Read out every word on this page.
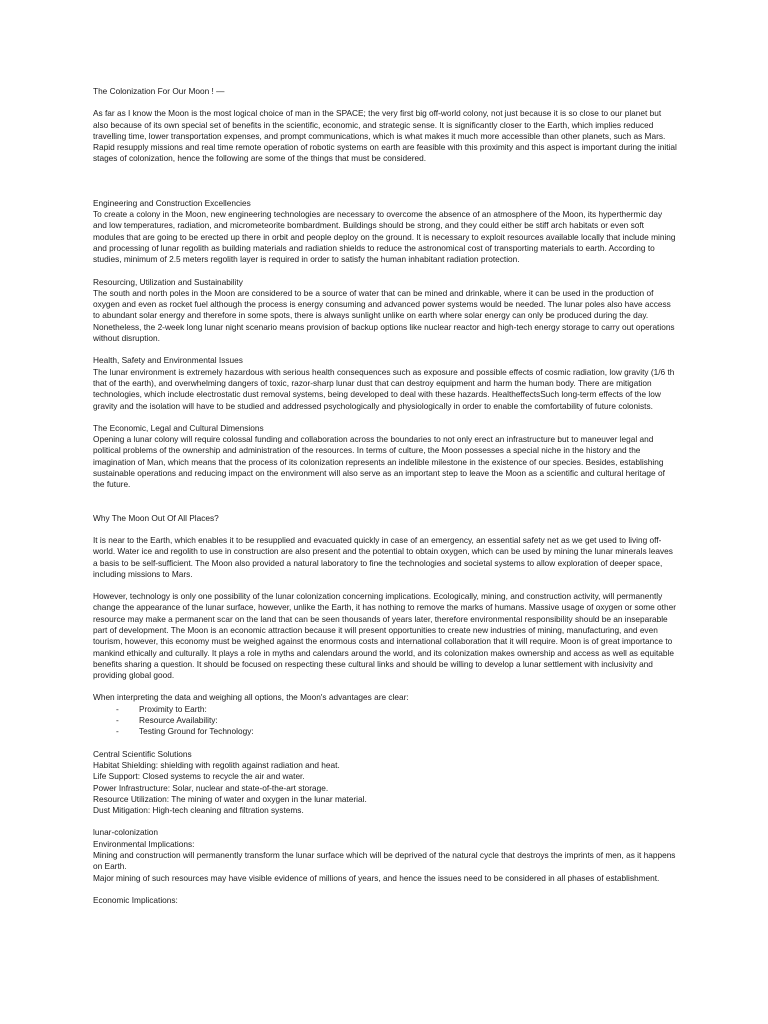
The Colonization For Our Moon ! —

As far as I know the Moon is the most logical choice of man in the SPACE; the very first big off-world colony, not just because it is so close to our planet but also because of its own special set of benefits in the scientific, economic, and strategic sense. It is significantly closer to the Earth, which implies reduced travelling time, lower transportation expenses, and prompt communications, which is what makes it much more accessible than other planets, such as Mars. Rapid resupply missions and real time remote operation of robotic systems on earth are feasible with this proximity and this aspect is important during the initial stages of colonization, hence the following are some of the things that must be considered.

Engineering and Construction Excellencies

To create a colony in the Moon, new engineering technologies are necessary to overcome the absence of an atmosphere of the Moon, its hyperthermic day and low temperatures, radiation, and micrometeorite bombardment. Buildings should be strong, and they could either be stiff arch habitats or even soft modules that are going to be erected up there in orbit and people deploy on the ground. It is necessary to exploit resources available locally that include mining and processing of lunar regolith as building materials and radiation shields to reduce the astronomical cost of transporting materials to earth. According to studies, minimum of 2.5 meters regolith layer is required in order to satisfy the human inhabitant radiation protection.

Resourcing, Utilization and Sustainability

The south and north poles in the Moon are considered to be a source of water that can be mined and drinkable, where it can be used in the production of oxygen and even as rocket fuel although the process is energy consuming and advanced power systems would be needed. The lunar poles also have access to abundant solar energy and therefore in some spots, there is always sunlight unlike on earth where solar energy can only be produced during the day. Nonetheless, the 2-week long lunar night scenario means provision of backup options like nuclear reactor and high-tech energy storage to carry out operations without disruption.

Health, Safety and Environmental Issues

The lunar environment is extremely hazardous with serious health consequences such as exposure and possible effects of cosmic radiation, low gravity (1/6 th that of the earth), and overwhelming dangers of toxic, razor-sharp lunar dust that can destroy equipment and harm the human body. There are mitigation technologies, which include electrostatic dust removal systems, being developed to deal with these hazards. HealtheffectsSuch long-term effects of the low gravity and the isolation will have to be studied and addressed psychologically and physiologically in order to enable the comfortability of future colonists.

The Economic, Legal and Cultural Dimensions

Opening a lunar colony will require colossal funding and collaboration across the boundaries to not only erect an infrastructure but to maneuver legal and political problems of the ownership and administration of the resources. In terms of culture, the Moon possesses a special niche in the history and the imagination of Man, which means that the process of its colonization represents an indelible milestone in the existence of our species. Besides, establishing sustainable operations and reducing impact on the environment will also serve as an important step to leave the Moon as a scientific and cultural heritage of the future.

Why The Moon Out Of All Places?

It is near to the Earth, which enables it to be resupplied and evacuated quickly in case of an emergency, an essential safety net as we get used to living off-world. Water ice and regolith to use in construction are also present and the potential to obtain oxygen, which can be used by mining the lunar minerals leaves a basis to be self-sufficient. The Moon also provided a natural laboratory to fine the technologies and societal systems to allow exploration of deeper space, including missions to Mars.

However, technology is only one possibility of the lunar colonization concerning implications. Ecologically, mining, and construction activity, will permanently change the appearance of the lunar surface, however, unlike the Earth, it has nothing to remove the marks of humans. Massive usage of oxygen or some other resource may make a permanent scar on the land that can be seen thousands of years later, therefore environmental responsibility should be an inseparable part of development. The Moon is an economic attraction because it will present opportunities to create new industries of mining, manufacturing, and even tourism, however, this economy must be weighed against the enormous costs and international collaboration that it will require. Moon is of great importance to mankind ethically and culturally. It plays a role in myths and calendars around the world, and its colonization makes ownership and access as well as equitable benefits sharing a question. It should be focused on respecting these cultural links and should be willing to develop a lunar settlement with inclusivity and providing global good.

When interpreting the data and weighing all options, the Moon's advantages are clear:

- Proximity to Earth:
- Resource Availability:
- Testing Ground for Technology:

Central Scientific Solutions

Habitat Shielding: shielding with regolith against radiation and heat.

Life Support: Closed systems to recycle the air and water.

Power Infrastructure: Solar, nuclear and state-of-the-art storage.

Resource Utilization: The mining of water and oxygen in the lunar material.

Dust Mitigation: High-tech cleaning and filtration systems.

lunar-colonization

Environmental Implications:

Mining and construction will permanently transform the lunar surface which will be deprived of the natural cycle that destroys the imprints of men, as it happens on Earth.

Major mining of such resources may have visible evidence of millions of years, and hence the issues need to be considered in all phases of establishment.

Economic Implications:
